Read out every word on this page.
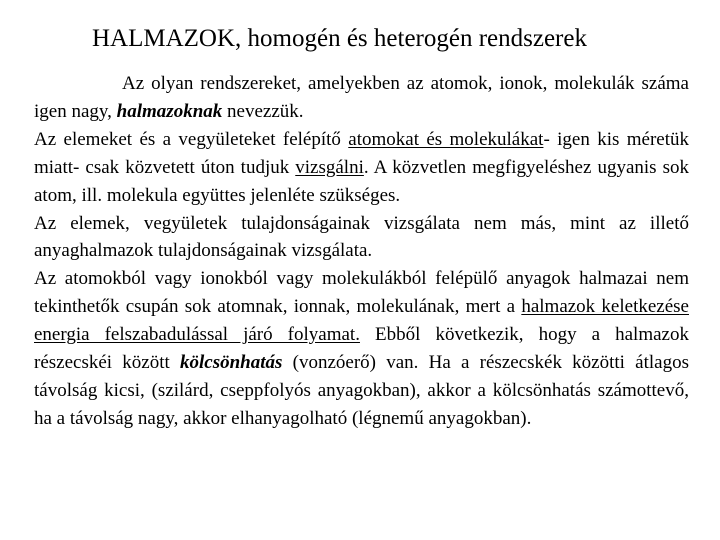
HALMAZOK, homogén és heterogén rendszerek

Az olyan rendszereket, amelyekben az atomok, ionok, molekulák száma igen nagy, halmazoknak nevezzük.

Az elemeket és a vegyületeket felépítő atomokat és molekulákat- igen kis méretük miatt- csak közvetett úton tudjuk vizsgálni. A közvetlen megfigyeléshez ugyanis sok atom, ill. molekula együttes jelenléte szükséges.

Az elemek, vegyületek tulajdonságainak vizsgálata nem más, mint az illető anyaghalmazok tulajdonságainak vizsgálata.

Az atomokból vagy ionokból vagy molekulákból felépülő anyagok halmazai nem tekinthetők csupán sok atomnak, ionnak, molekulának, mert a halmazok keletkezése energia felszabadulással járó folyamat. Ebből következik, hogy a halmazok részecskéi között kölcsönhatás (vonzóerő) van. Ha a részecskék közötti átlagos távolság kicsi, (szilárd, cseppfolyós anyagokban), akkor a kölcsönhatás számottevő, ha a távolság nagy, akkor elhanyagolható (légnemű anyagokban).
